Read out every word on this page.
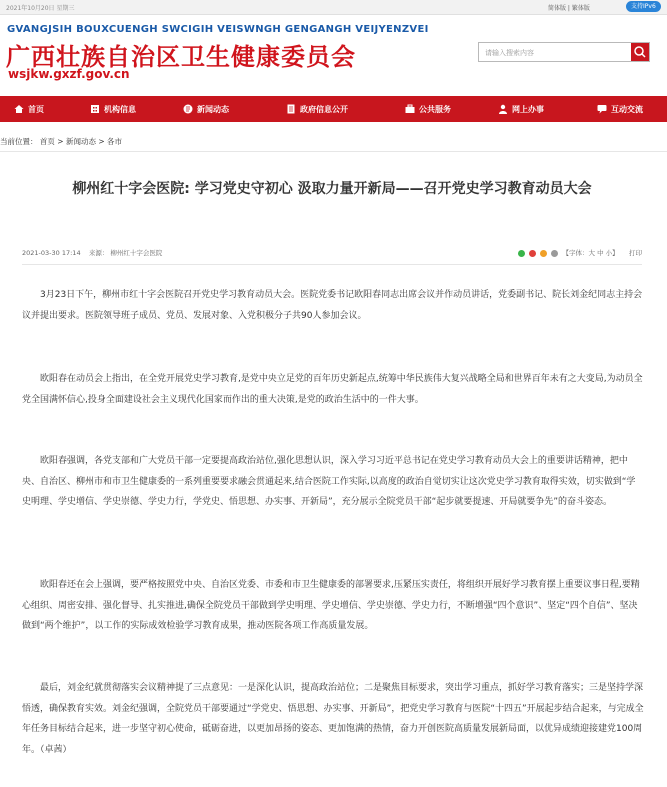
2021年10月20日 星期三	简体版 | 繁体版	支持IPv6
GVANGJSIH BOUXCUENGH SWCIGIH VEISWNGH GENGANGH VEIJYENZVEI
广西壮族自治区卫生健康委员会
wsjkw.gxzf.gov.cn
请输入搜索内容
首页	机构信息	新闻动态	政府信息公开	公共服务	网上办事	互动交流
当前位置： 首页 > 新闻动态 > 各市
柳州红十字会医院: 学习党史守初心 汲取力量开新局——召开党史学习教育动员大会
2021-03-30 17:14 来源： 柳州红十字会医院	【字体：大 中 小】 打印
3月23日下午，柳州市红十字会医院召开党史学习教育动员大会。医院党委书记欧阳春同志出席会议并作动员讲话，党委副书记、院长刘金纪同志主持会议并提出要求。医院领导班子成员、党员、发展对象、入党积极分子共90人参加会议。
欧阳春在动员会上指出，在全党开展党史学习教育,是党中央立足党的百年历史新起点,统筹中华民族伟大复兴战略全局和世界百年未有之大变局,为动员全党全国满怀信心,投身全面建设社会主义现代化国家而作出的重大决策,是党的政治生活中的一件大事。
欧阳春强调，各党支部和广大党员干部一定要提高政治站位,强化思想认识，深入学习习近平总书记在党史学习教育动员大会上的重要讲话精神，把中央、自治区、柳州市和市卫生健康委的一系列重要要求融会贯通起来,结合医院工作实际,以高度的政治自觉切实让这次党史学习教育取得实效，切实做到“学史明理、学史增信、学史崇德、学史力行，学党史、悟思想、办实事、开新局”，充分展示全院党员干部“起步就要提速、开局就要争先”的奋斗姿态。
欧阳春还在会上强调，要严格按照党中央、自治区党委、市委和市卫生健康委的部署要求,压紧压实责任，将组织开展好学习教育摆上重要议事日程,要精心组织、周密安排、强化督导、扎实推进,确保全院党员干部做到学史明理、学史增信、学史崇德、学史力行，不断增强“四个意识”、坚定“四个自信”、坚决做到“两个维护”，以工作的实际成效检验学习教育成果，推动医院各项工作高质量发展。
最后，刘金纪就贯彻落实会议精神提了三点意见：一是深化认识，提高政治站位；二是聚焦目标要求，突出学习重点，抓好学习教育落实；三是坚持学深悟透，确保教育实效。刘金纪强调，全院党员干部要通过“学党史、悟思想、办实事、开新局”，把党史学习教育与医院“十四五”开展起步结合起来，与完成全年任务目标结合起来，进一步坚守初心使命，砥砺奋进，以更加昂扬的姿态、更加饱满的热情，奋力开创医院高质量发展新局面，以优异成绩迎接建党100周年。（卓茜）
